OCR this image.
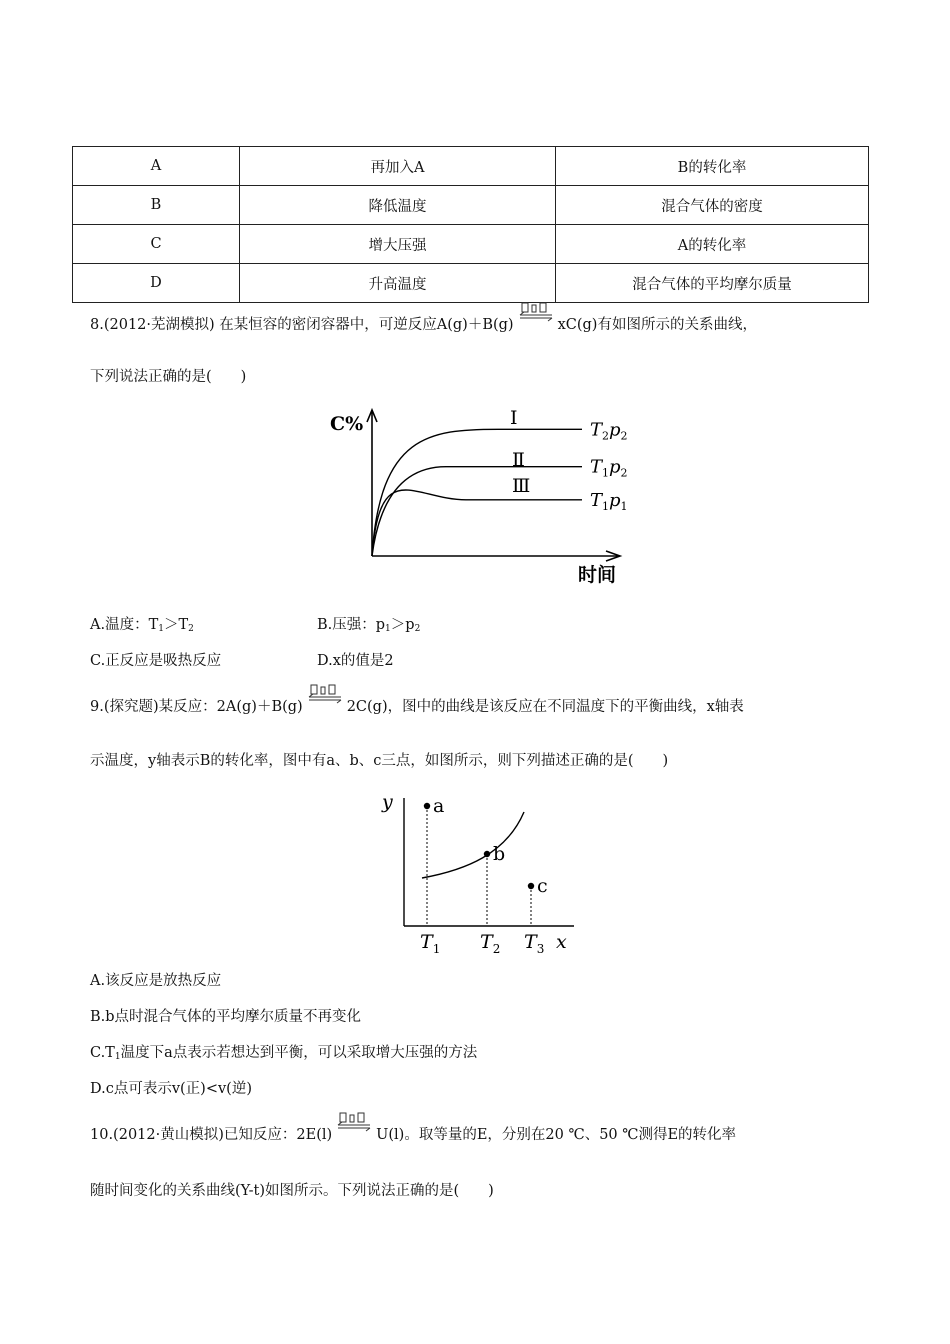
A	再加入A	B的转化率
B	降低温度	混合气体的密度
C	增大压强	A的转化率
D	升高温度	混合气体的平均摩尔质量
8.(2012·芜湖模拟) 在某恒容的密闭容器中，可逆反应A(g)＋B(g)	xC(g)有如图所示的关系曲线，
下列说法正确的是(　　)
C%
时间
Ⅰ
$T_2p_2$
Ⅱ	$T_1p_2$
Ⅲ
$T_1p_1$
A.温度：$T_1>T_2$	B.压强：$p_1>p_2$
C.正反应是吸热反应	D.x的值是2
9.(探究题)某反应：2A(g)＋B(g)	2C(g)，图中的曲线是该反应在不同温度下的平衡曲线，x轴表
示温度，y轴表示B的转化率，图中有a、b、c三点，如图所示，则下列描述正确的是(　　)
y
x
a
$T_1$
b
$T_2$
c
$T_3$
A.该反应是放热反应
B.b点时混合气体的平均摩尔质量不再变化
$C.T_1$温度下a点表示若想达到平衡，可以采取增大压强的方法
D.c点可表示v(正)<v(逆)
10.(2012·黄山模拟)已知反应：2E(l)	U(l)。取等量的E，分别在20 ℃、50 ℃测得E的转化率
随时间变化的关系曲线(Y-t)如图所示。下列说法正确的是(　　)
